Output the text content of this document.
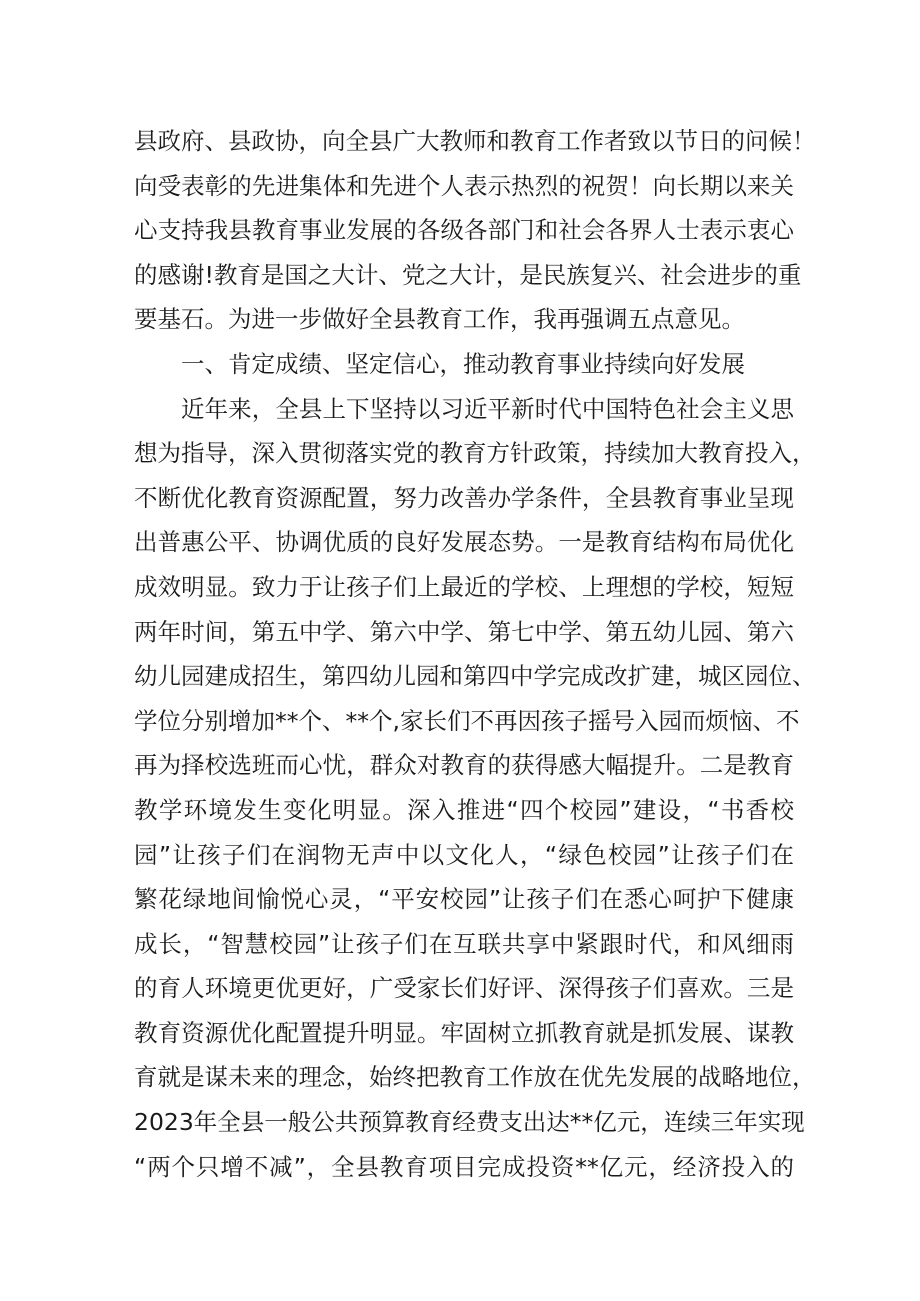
县政府、县政协，向全县广大教师和教育工作者致以节日的问候！
向受表彰的先进集体和先进个人表示热烈的祝贺！向长期以来关
心支持我县教育事业发展的各级各部门和社会各界人士表示衷心
的感谢!教育是国之大计、党之大计，是民族复兴、社会进步的重
要基石。为进一步做好全县教育工作，我再强调五点意见。
一、肯定成绩、坚定信心，推动教育事业持续向好发展
近年来，全县上下坚持以习近平新时代中国特色社会主义思
想为指导，深入贯彻落实党的教育方针政策，持续加大教育投入，
不断优化教育资源配置，努力改善办学条件，全县教育事业呈现
出普惠公平、协调优质的良好发展态势。一是教育结构布局优化
成效明显。致力于让孩子们上最近的学校、上理想的学校，短短
两年时间，第五中学、第六中学、第七中学、第五幼儿园、第六
幼儿园建成招生，第四幼儿园和第四中学完成改扩建，城区园位、
学位分别增加**个、**个,家长们不再因孩子摇号入园而烦恼、不
再为择校选班而心忧，群众对教育的获得感大幅提升。二是教育
教学环境发生变化明显。深入推进“四个校园”建设，“书香校
园”让孩子们在润物无声中以文化人，“绿色校园”让孩子们在
繁花绿地间愉悦心灵，“平安校园”让孩子们在悉心呵护下健康
成长，“智慧校园”让孩子们在互联共享中紧跟时代，和风细雨
的育人环境更优更好，广受家长们好评、深得孩子们喜欢。三是
教育资源优化配置提升明显。牢固树立抓教育就是抓发展、谋教
育就是谋未来的理念，始终把教育工作放在优先发展的战略地位，
2023年全县一般公共预算教育经费支出达**亿元，连续三年实现
“两个只增不减”，全县教育项目完成投资**亿元，经济投入的
